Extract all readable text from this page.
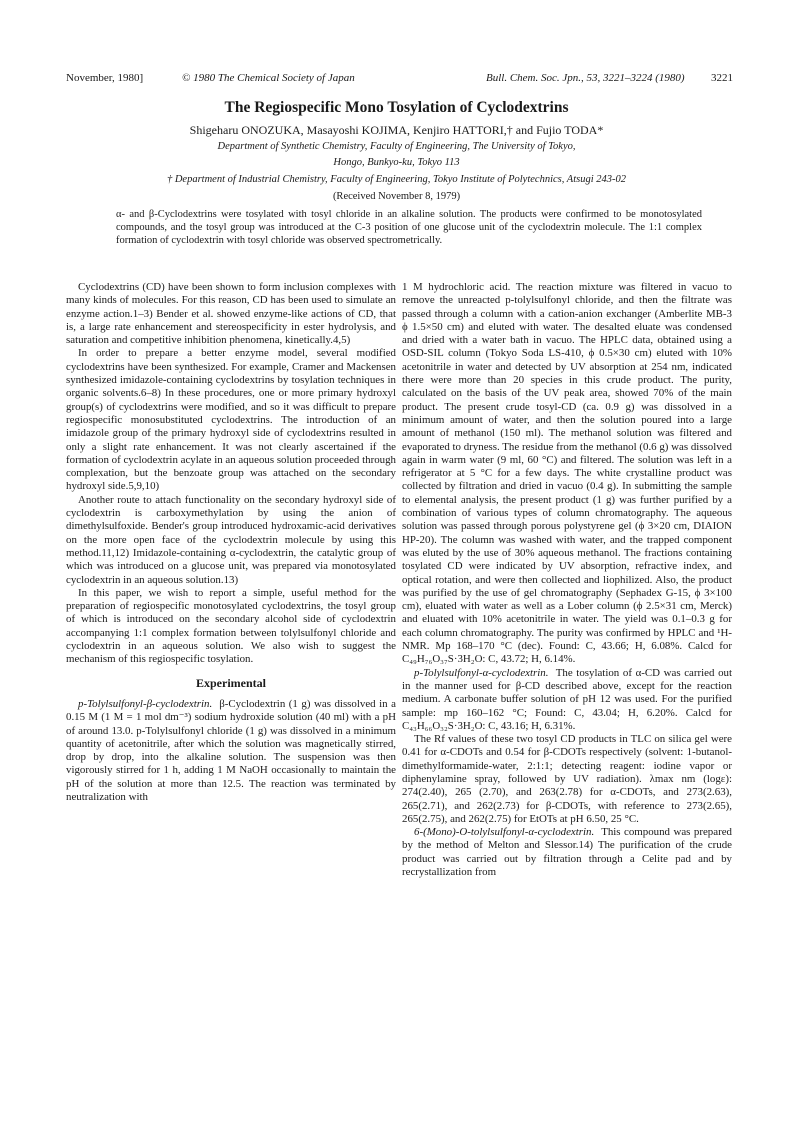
November, 1980]	© 1980 The Chemical Society of Japan	Bull. Chem. Soc. Jpn., 53, 3221–3224 (1980) 3221
The Regiospecific Mono Tosylation of Cyclodextrins
Shigeharu ONOZUKA, Masayoshi KOJIMA, Kenjiro HATTORI,† and Fujio TODA*
Department of Synthetic Chemistry, Faculty of Engineering, The University of Tokyo,
Hongo, Bunkyo-ku, Tokyo 113
† Department of Industrial Chemistry, Faculty of Engineering, Tokyo Institute of Polytechnics, Atsugi 243-02
(Received November 8, 1979)
α- and β-Cyclodextrins were tosylated with tosyl chloride in an alkaline solution. The products were confirmed to be monotosylated compounds, and the tosyl group was introduced at the C-3 position of one glucose unit of the cyclodextrin molecule. The 1:1 complex formation of cyclodextrin with tosyl chloride was observed spectrometrically.

Cyclodextrins (CD) have been shown to form inclusion complexes with many kinds of molecules. For this reason, CD has been used to simulate an enzyme action.1–3) Bender et al. showed enzyme-like actions of CD, that is, a large rate enhancement and stereospecificity in ester hydrolysis, and saturation and competitive inhibition phenomena, kinetically.4,5)

In order to prepare a better enzyme model, several modified cyclodextrins have been synthesized. For example, Cramer and Mackensen synthesized imidazole-containing cyclodextrins by tosylation techniques in organic solvents.6–8) In these procedures, one or more primary hydroxyl group(s) of cyclodextrins were modified, and so it was difficult to prepare regiospecific monosubstituted cyclodextrins. The introduction of an imidazole group of the primary hydroxyl side of cyclodextrins resulted in only a slight rate enhancement. It was not clearly ascertained if the formation of cyclodextrin acylate in an aqueous solution proceeded through complexation, but the benzoate group was attached on the secondary hydroxyl side.5,9,10)

Another route to attach functionality on the secondary hydroxyl side of cyclodextrin is carboxymethylation by using the anion of dimethylsulfoxide. Bender's group introduced hydroxamic-acid derivatives on the more open face of the cyclodextrin molecule by using this method.11,12) Imidazole-containing α-cyclodextrin, the catalytic group of which was introduced on a glucose unit, was prepared via monotosylated cyclodextrin in an aqueous solution.13)

In this paper, we wish to report a simple, useful method for the preparation of regiospecific monotosylated cyclodextrins, the tosyl group of which is introduced on the secondary alcohol side of cyclodextrin accompanying 1:1 complex formation between tolylsulfonyl chloride and cyclodextrin in an aqueous solution. We also wish to suggest the mechanism of this regiospecific tosylation.

Experimental

p-Tolylsulfonyl-β-cyclodextrin. β-Cyclodextrin (1 g) was dissolved in a 0.15 M (1 M = 1 mol dm⁻³) sodium hydroxide solution (40 ml) with a pH of around 13.0. p-Tolylsulfonyl chloride (1 g) was dissolved in a minimum quantity of acetonitrile, after which the solution was magnetically stirred, drop by drop, into the alkaline solution. The suspension was then vigorously stirred for 1 h, adding 1 M NaOH occasionally to maintain the pH of the solution at more than 12.5. The reaction was terminated by neutralization with

1 M hydrochloric acid. The reaction mixture was filtered in vacuo to remove the unreacted p-tolylsulfonyl chloride, and then the filtrate was passed through a column with a cation-anion exchanger (Amberlite MB-3 ϕ 1.5×50 cm) and eluted with water. The desalted eluate was condensed and dried with a water bath in vacuo. The HPLC data, obtained using a OSD-SIL column (Tokyo Soda LS-410, ϕ 0.5×30 cm) eluted with 10% acetonitrile in water and detected by UV absorption at 254 nm, indicated there were more than 20 species in this crude product. The purity, calculated on the basis of the UV peak area, showed 70% of the main product. The present crude tosyl-CD (ca. 0.9 g) was dissolved in a minimum amount of water, and then the solution poured into a large amount of methanol (150 ml). The methanol solution was filtered and evaporated to dryness. The residue from the methanol (0.6 g) was dissolved again in warm water (9 ml, 60 °C) and filtered. The solution was left in a refrigerator at 5 °C for a few days. The white crystalline product was collected by filtration and dried in vacuo (0.4 g). In submitting the sample to elemental analysis, the present product (1 g) was further purified by a combination of various types of column chromatography. The aqueous solution was passed through porous polystyrene gel (ϕ 3×20 cm, DIAION HP-20). The column was washed with water, and the trapped component was eluted by the use of 30% aqueous methanol. The fractions containing tosylated CD were indicated by UV absorption, refractive index, and optical rotation, and were then collected and liophilized. Also, the product was purified by the use of gel chromatography (Sephadex G-15, ϕ 3×100 cm), eluated with water as well as a Lober column (ϕ 2.5×31 cm, Merck) and eluated with 10% acetonitrile in water. The yield was 0.1–0.3 g for each column chromatography. The purity was confirmed by HPLC and ¹H-NMR. Mp 168–170 °C (dec). Found: C, 43.66; H, 6.08%. Calcd for C₄₉H₇₆O₃₇S·3H₂O: C, 43.72; H, 6.14%.

p-Tolylsulfonyl-α-cyclodextrin. The tosylation of α-CD was carried out in the manner used for β-CD described above, except for the reaction medium. A carbonate buffer solution of pH 12 was used. For the purified sample: mp 160–162 °C; Found: C, 43.04; H, 6.20%. Calcd for C₄₃H₆₆O₃₂S·3H₂O: C, 43.16; H, 6.31%.

The Rf values of these two tosyl CD products in TLC on silica gel were 0.41 for α-CDOTs and 0.54 for β-CDOTs respectively (solvent: 1-butanol-dimethylformamide-water, 2:1:1; detecting reagent: iodine vapor or diphenylamine spray, followed by UV radiation). λmax nm (logε): 274(2.40), 265 (2.70), and 263(2.78) for α-CDOTs, and 273(2.63), 265(2.71), and 262(2.73) for β-CDOTs, with reference to 273(2.65), 265(2.75), and 262(2.75) for EtOTs at pH 6.50, 25 °C.

6-(Mono)-O-tolylsulfonyl-α-cyclodextrin. This compound was prepared by the method of Melton and Slessor.14) The purification of the crude product was carried out by filtration through a Celite pad and by recrystallization from
